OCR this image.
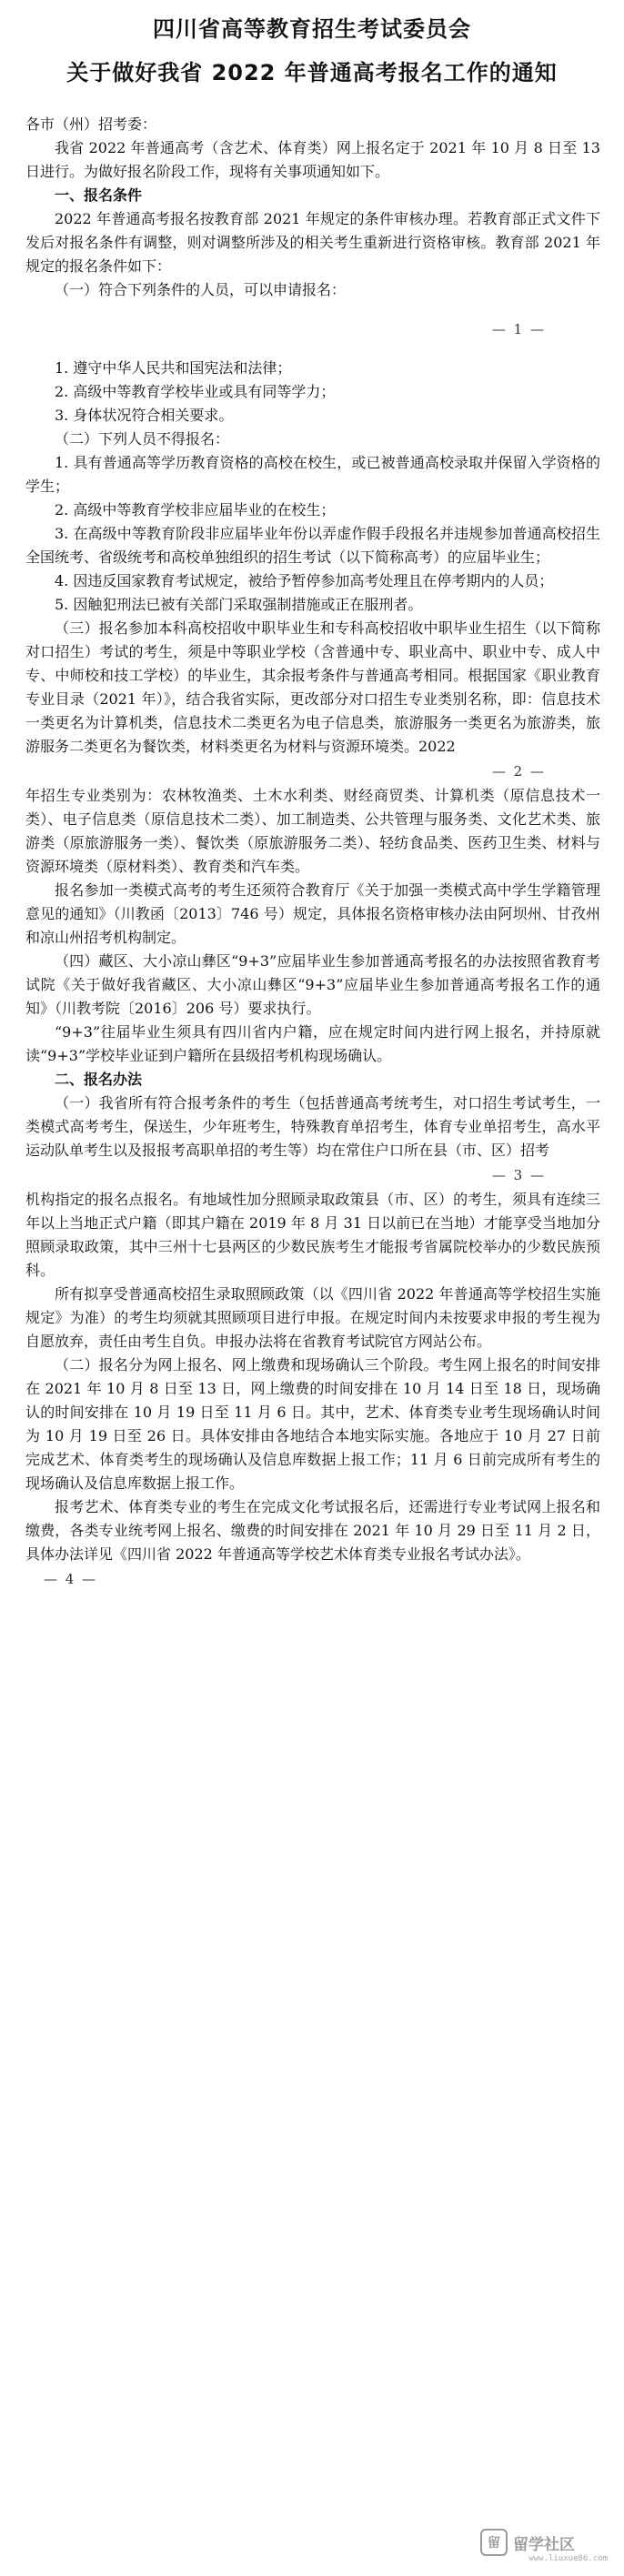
四川省高等教育招生考试委员会
关于做好我省 2022 年普通高考报名工作的通知

各市（州）招考委：

我省 2022 年普通高考（含艺术、体育类）网上报名定于 2021 年 10 月 8 日至 13 日进行。为做好报名阶段工作，现将有关事项通知如下。

一、报名条件

2022 年普通高考报名按教育部 2021 年规定的条件审核办理。若教育部正式文件下发后对报名条件有调整，则对调整所涉及的相关考生重新进行资格审核。教育部 2021 年规定的报名条件如下：

（一）符合下列条件的人员，可以申请报名：

— 1 —

1. 遵守中华人民共和国宪法和法律；

2. 高级中等教育学校毕业或具有同等学力；

3. 身体状况符合相关要求。

（二）下列人员不得报名：

1. 具有普通高等学历教育资格的高校在校生，或已被普通高校录取并保留入学资格的学生；

2. 高级中等教育学校非应届毕业的在校生；

3. 在高级中等教育阶段非应届毕业年份以弄虚作假手段报名并违规参加普通高校招生全国统考、省级统考和高校单独组织的招生考试（以下简称高考）的应届毕业生；

4. 因违反国家教育考试规定，被给予暂停参加高考处理且在停考期内的人员；

5. 因触犯刑法已被有关部门采取强制措施或正在服刑者。

（三）报名参加本科高校招收中职毕业生和专科高校招收中职毕业生招生（以下简称对口招生）考试的考生，须是中等职业学校（含普通中专、职业高中、职业中专、成人中专、中师校和技工学校）的毕业生，其余报考条件与普通高考相同。根据国家《职业教育专业目录（2021 年）》，结合我省实际，更改部分对口招生专业类别名称，即：信息技术一类更名为计算机类，信息技术二类更名为电子信息类，旅游服务一类更名为旅游类，旅游服务二类更名为餐饮类，材料类更名为材料与资源环境类。2022

— 2 —

年招生专业类别为：农林牧渔类、土木水利类、财经商贸类、计算机类（原信息技术一类）、电子信息类（原信息技术二类）、加工制造类、公共管理与服务类、文化艺术类、旅游类（原旅游服务一类）、餐饮类（原旅游服务二类）、轻纺食品类、医药卫生类、材料与资源环境类（原材料类）、教育类和汽车类。

报名参加一类模式高考的考生还须符合教育厅《关于加强一类模式高中学生学籍管理意见的通知》（川教函〔2013〕746 号）规定，具体报名资格审核办法由阿坝州、甘孜州和凉山州招考机构制定。

（四）藏区、大小凉山彝区“9+3”应届毕业生参加普通高考报名的办法按照省教育考试院《关于做好我省藏区、大小凉山彝区“9+3”应届毕业生参加普通高考报名工作的通知》（川教考院〔2016〕206 号）要求执行。

“9+3”往届毕业生须具有四川省内户籍，应在规定时间内进行网上报名，并持原就读“9+3”学校毕业证到户籍所在县级招考机构现场确认。

二、报名办法

（一）我省所有符合报考条件的考生（包括普通高考统考生，对口招生考试考生，一类模式高考考生，保送生，少年班考生，特殊教育单招考生，体育专业单招考生，高水平运动队单考生以及报报考高职单招的考生等）均在常住户口所在县（市、区）招考

— 3 —

机构指定的报名点报名。有地域性加分照顾录取政策县（市、区）的考生，须具有连续三年以上当地正式户籍（即其户籍在 2019 年 8 月 31 日以前已在当地）才能享受当地加分照顾录取政策，其中三州十七县两区的少数民族考生才能报考省属院校举办的少数民族预科。

所有拟享受普通高校招生录取照顾政策（以《四川省 2022 年普通高等学校招生实施规定》为准）的考生均须就其照顾项目进行申报。在规定时间内未按要求申报的考生视为自愿放弃，责任由考生自负。申报办法将在省教育考试院官方网站公布。

（二）报名分为网上报名、网上缴费和现场确认三个阶段。考生网上报名的时间安排在 2021 年 10 月 8 日至 13 日，网上缴费的时间安排在 10 月 14 日至 18 日，现场确认的时间安排在 10 月 19 日至 11 月 6 日。其中，艺术、体育类专业考生现场确认时间为 10 月 19 日至 26 日。具体安排由各地结合本地实际实施。各地应于 10 月 27 日前完成艺术、体育类考生的现场确认及信息库数据上报工作；11 月 6 日前完成所有考生的现场确认及信息库数据上报工作。

报考艺术、体育类专业的考生在完成文化考试报名后，还需进行专业考试网上报名和缴费，各类专业统考网上报名、缴费的时间安排在 2021 年 10 月 29 日至 11 月 2 日，具体办法详见《四川省 2022 年普通高等学校艺术体育类专业报名考试办法》。

— 4 —
留 留学社区
www.liuxue86.com
